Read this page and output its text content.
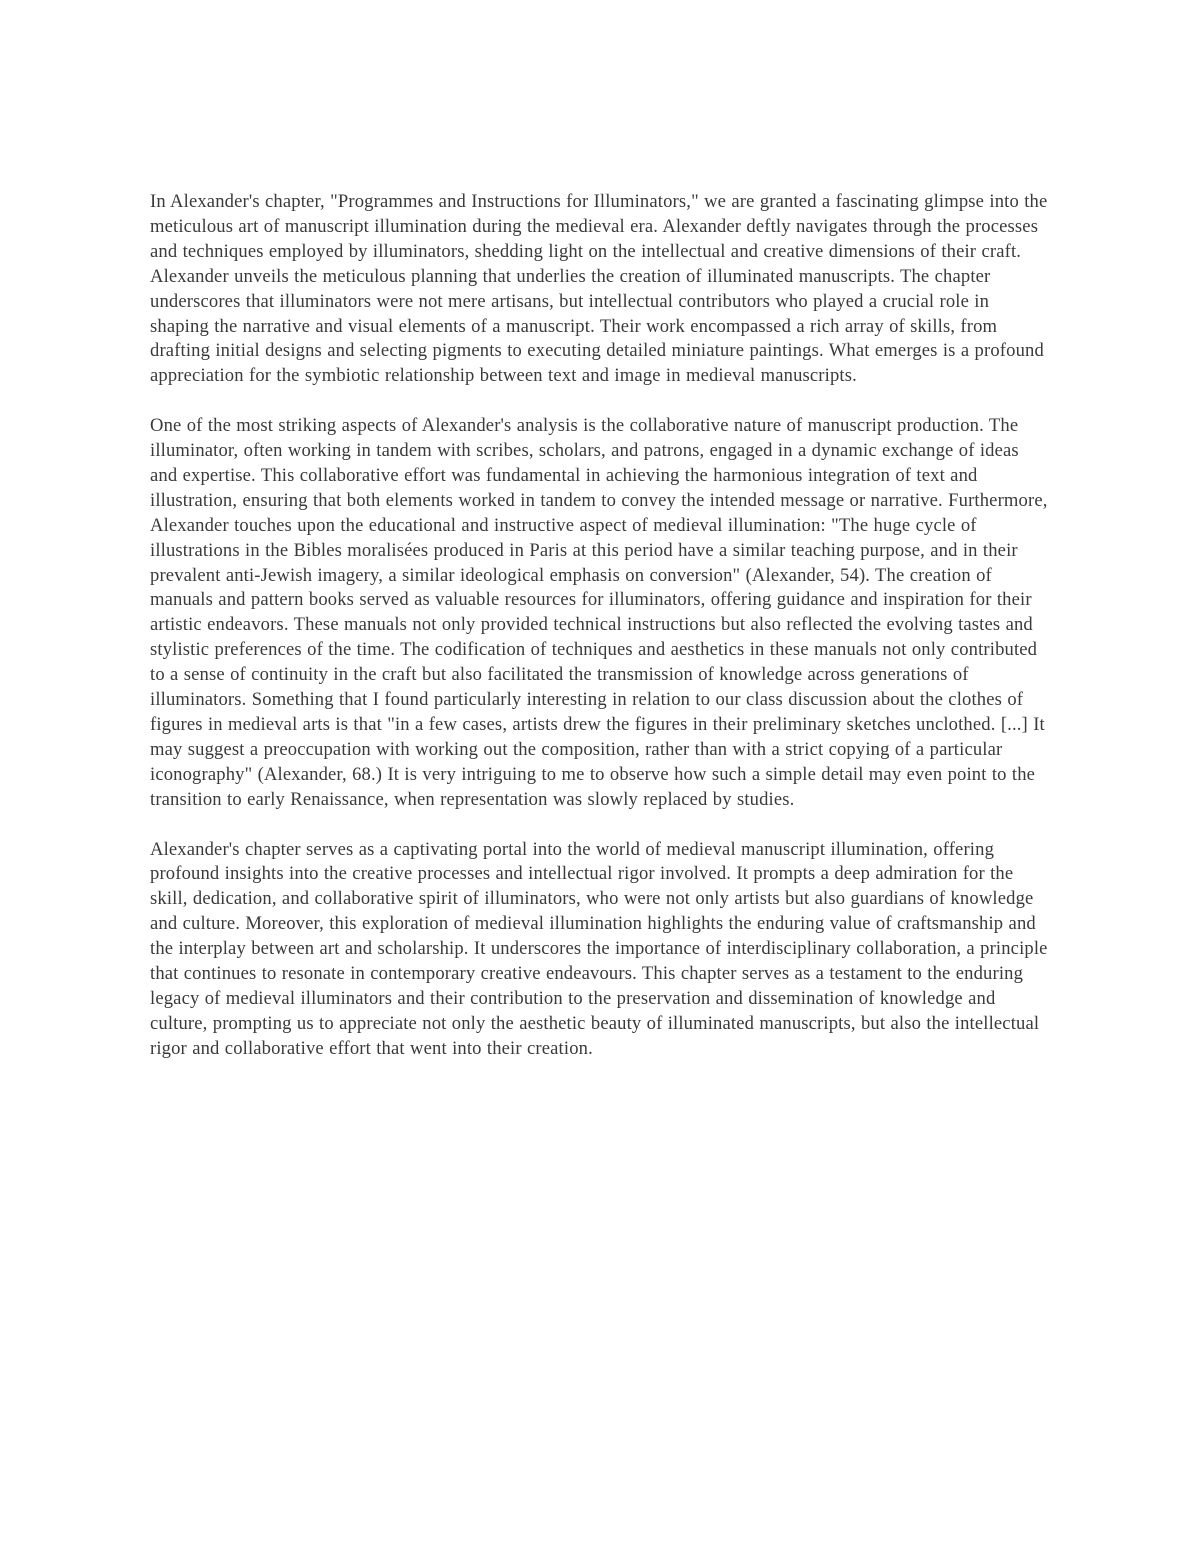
In Alexander's chapter, "Programmes and Instructions for Illuminators," we are granted a fascinating glimpse into the meticulous art of manuscript illumination during the medieval era. Alexander deftly navigates through the processes and techniques employed by illuminators, shedding light on the intellectual and creative dimensions of their craft. Alexander unveils the meticulous planning that underlies the creation of illuminated manuscripts. The chapter underscores that illuminators were not mere artisans, but intellectual contributors who played a crucial role in shaping the narrative and visual elements of a manuscript. Their work encompassed a rich array of skills, from drafting initial designs and selecting pigments to executing detailed miniature paintings. What emerges is a profound appreciation for the symbiotic relationship between text and image in medieval manuscripts.

One of the most striking aspects of Alexander's analysis is the collaborative nature of manuscript production. The illuminator, often working in tandem with scribes, scholars, and patrons, engaged in a dynamic exchange of ideas and expertise. This collaborative effort was fundamental in achieving the harmonious integration of text and illustration, ensuring that both elements worked in tandem to convey the intended message or narrative. Furthermore, Alexander touches upon the educational and instructive aspect of medieval illumination: "The huge cycle of illustrations in the Bibles moralisées produced in Paris at this period have a similar teaching purpose, and in their prevalent anti-Jewish imagery, a similar ideological emphasis on conversion" (Alexander, 54). The creation of manuals and pattern books served as valuable resources for illuminators, offering guidance and inspiration for their artistic endeavors. These manuals not only provided technical instructions but also reflected the evolving tastes and stylistic preferences of the time. The codification of techniques and aesthetics in these manuals not only contributed to a sense of continuity in the craft but also facilitated the transmission of knowledge across generations of illuminators. Something that I found particularly interesting in relation to our class discussion about the clothes of figures in medieval arts is that "in a few cases, artists drew the figures in their preliminary sketches unclothed. [...] It may suggest a preoccupation with working out the composition, rather than with a strict copying of a particular iconography" (Alexander, 68.) It is very intriguing to me to observe how such a simple detail may even point to the transition to early Renaissance, when representation was slowly replaced by studies.

Alexander's chapter serves as a captivating portal into the world of medieval manuscript illumination, offering profound insights into the creative processes and intellectual rigor involved. It prompts a deep admiration for the skill, dedication, and collaborative spirit of illuminators, who were not only artists but also guardians of knowledge and culture. Moreover, this exploration of medieval illumination highlights the enduring value of craftsmanship and the interplay between art and scholarship. It underscores the importance of interdisciplinary collaboration, a principle that continues to resonate in contemporary creative endeavours. This chapter serves as a testament to the enduring legacy of medieval illuminators and their contribution to the preservation and dissemination of knowledge and culture, prompting us to appreciate not only the aesthetic beauty of illuminated manuscripts, but also the intellectual rigor and collaborative effort that went into their creation.
